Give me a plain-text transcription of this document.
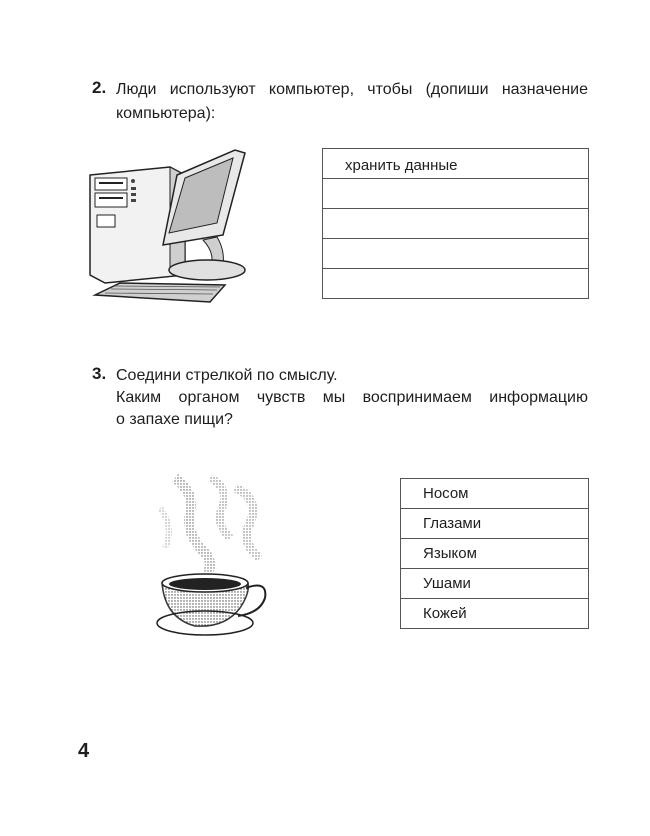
2. Люди используют компьютер, чтобы (допиши назначение
компьютера):
хранить данные
3. Соедини стрелкой по смыслу.
Каким органом чувств мы воспринимаем информацию
о запахе пищи?
Носом
Глазами
Языком
Ушами
Кожей
4
